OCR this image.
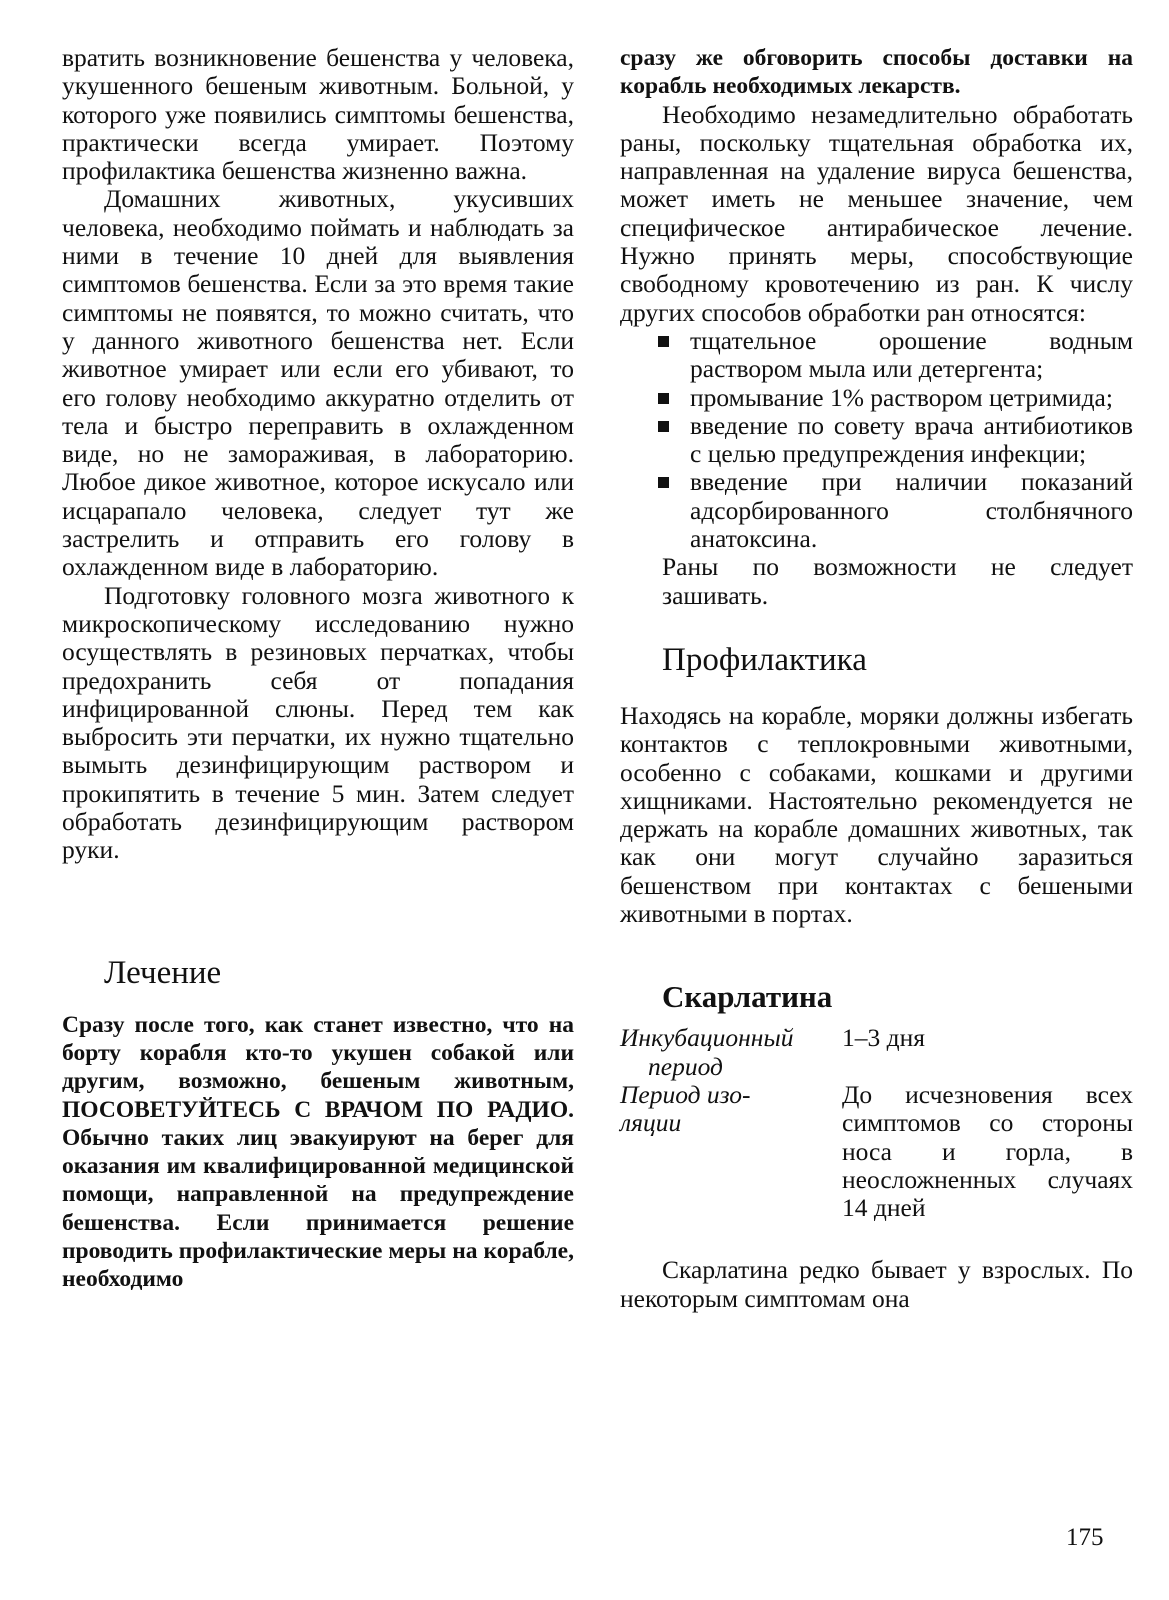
вратить возникновение бешенства у человека, укушенного бешеным животным. Больной, у которого уже появились симптомы бешенства, практически всегда умирает. Поэтому профилактика бешенства жизненно важна.

Домашних животных, укусивших человека, необходимо поймать и наблюдать за ними в течение 10 дней для выявления симптомов бешенства. Если за это время такие симптомы не появятся, то можно считать, что у данного животного бешенства нет. Если животное умирает или если его убивают, то его голову необходимо аккуратно отделить от тела и быстро переправить в охлажденном виде, но не замораживая, в лабораторию. Любое дикое животное, которое искусало или исцарапало человека, следует тут же застрелить и отправить его голову в охлажденном виде в лабораторию.

Подготовку головного мозга животного к микроскопическому исследованию нужно осуществлять в резиновых перчатках, чтобы предохранить себя от попадания инфицированной слюны. Перед тем как выбросить эти перчатки, их нужно тщательно вымыть дезинфицирующим раствором и прокипятить в течение 5 мин. Затем следует обработать дезинфицирующим раствором руки.

Лечение

Сразу после того, как станет известно, что на борту корабля кто-то укушен собакой или другим, возможно, бешеным животным, ПОСОВЕТУЙТЕСЬ С ВРАЧОМ ПО РАДИО. Обычно таких лиц эвакуируют на берег для оказания им квалифицированной медицинской помощи, направленной на предупреждение бешенства. Если принимается решение проводить профилактические меры на корабле, необходимо

сразу же обговорить способы доставки на корабль необходимых лекарств.

Необходимо незамедлительно обработать раны, поскольку тщательная обработка их, направленная на удаление вируса бешенства, может иметь не меньшее значение, чем специфическое антирабическое лечение. Нужно принять меры, способствующие свободному кровотечению из ран. К числу других способов обработки ран относятся:

тщательное орошение водным раствором мыла или детергента;
промывание 1% раствором цетримида;
введение по совету врача антибиотиков с целью предупреждения инфекции;
введение при наличии показаний адсорбированного столбнячного анатоксина.

Раны по возможности не следует зашивать.

Профилактика

Находясь на корабле, моряки должны избегать контактов с теплокровными животными, особенно с собаками, кошками и другими хищниками. Настоятельно рекомендуется не держать на корабле домашних животных, так как они могут случайно заразиться бешенством при контактах с бешеными животными в портах.

Скарлатина
Инкубационный
период	1–3 дня
Период изо-
ляции	До исчезновения всех симптомов со стороны носа и горла, в неосложненных случаях 14 дней

Скарлатина редко бывает у взрослых. По некоторым симптомам она

175
